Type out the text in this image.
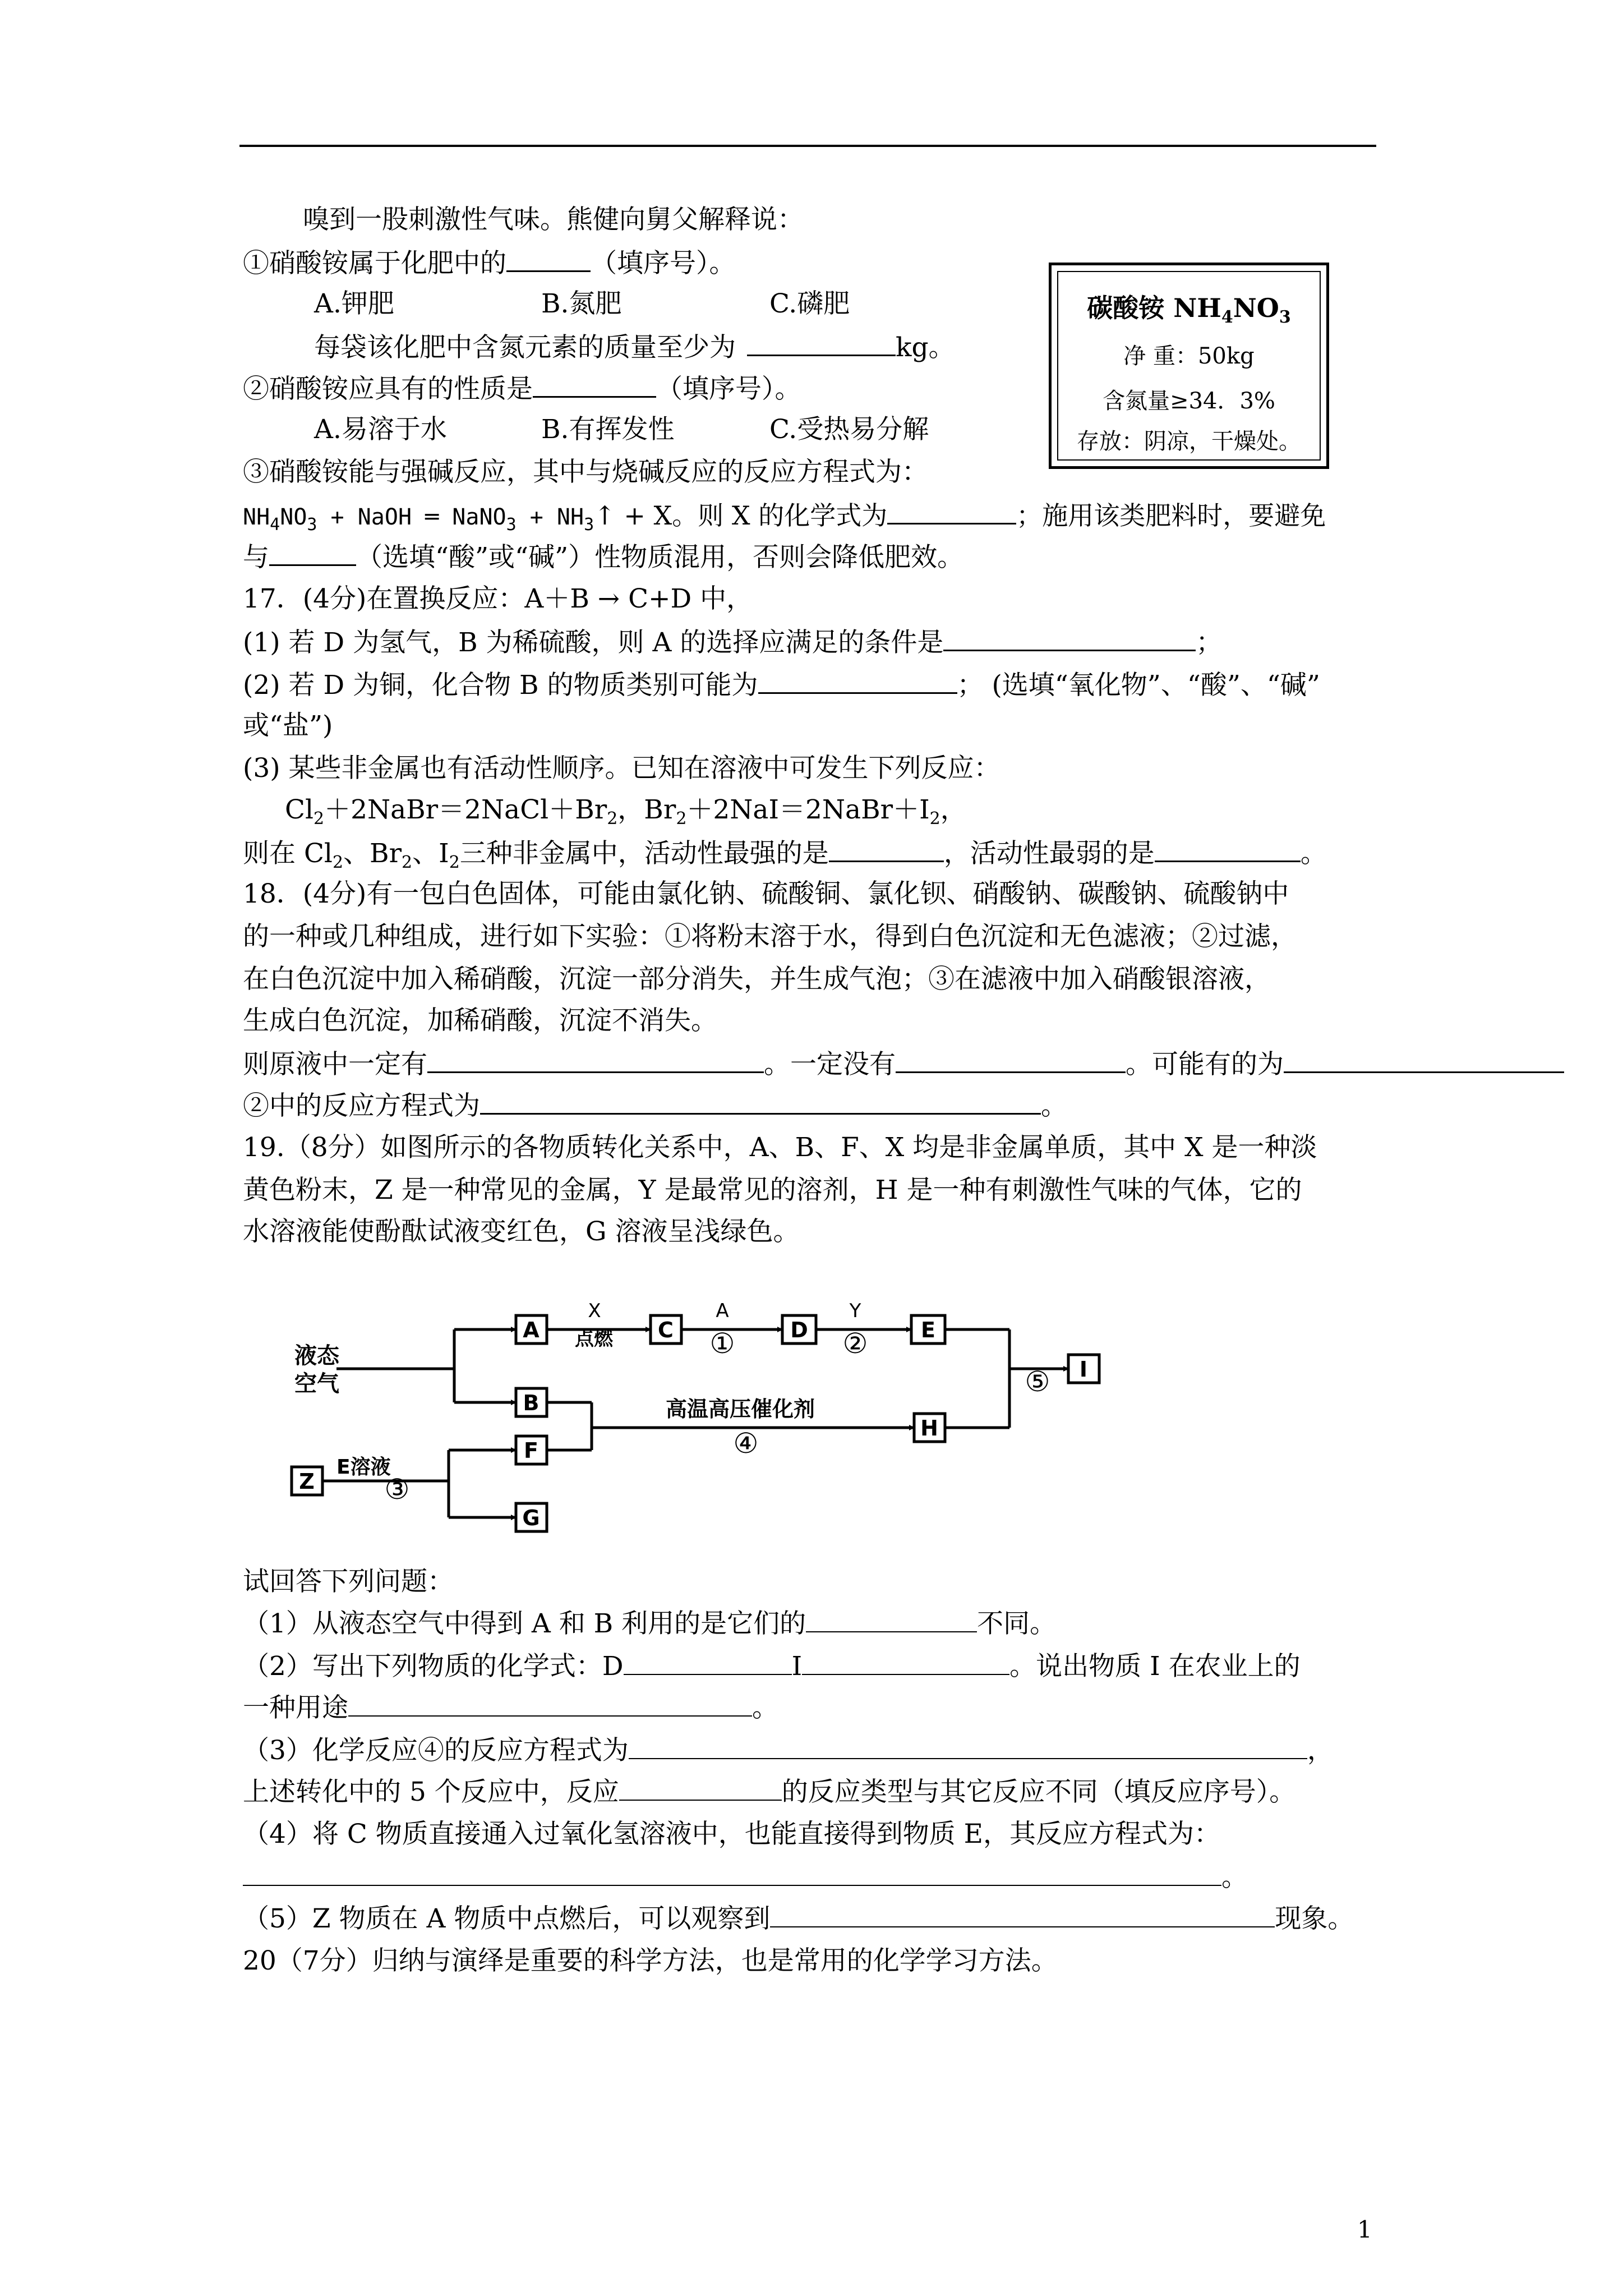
嗅到一股刺激性气味。熊健向舅父解释说：
①硝酸铵属于化肥中的	（填序号）。
A.钾肥	B.氮肥	C.磷肥
每袋该化肥中含氮元素的质量至少为	kg。
②硝酸铵应具有的性质是	（填序号）。
A.易溶于水	B.有挥发性	C.受热易分解
③硝酸铵能与强碱反应，其中与烧碱反应的反应方程式为：
$NH_4NO_3$ + NaOH ═ NaNO$_3$ + $NH_3↑ + X$。则 X 的化学式为	；施用该类肥料时，要避免
与	（选填“酸”或“碱”）性物质混用，否则会降低肥效。
碳酸铵 $NH_4NO_3$
净 重：50kg
含氮量≥34．3%
存放：阴凉，干燥处。
17．(4分)在置换反应：A＋B → C+D 中，
(1) 若 D 为氢气，B 为稀硫酸，则 A 的选择应满足的条件是	；
(2) 若 D 为铜，化合物 B 的物质类别可能为	； (选填“氧化物”、“酸”、“碱”
或“盐”)
(3) 某些非金属也有活动性顺序。已知在溶液中可发生下列反应：
$Cl_2+2NaBr=2NaCl+Br_2$，$Br_2+2NaI=2NaBr+I_2$，
则在 $Cl_2$、$Br_2$、$I_2$三种非金属中，活动性最强的是	，活动性最弱的是	。
18．(4分)有一包白色固体，可能由氯化钠、硫酸铜、氯化钡、硝酸钠、碳酸钠、硫酸钠中
的一种或几种组成，进行如下实验：①将粉末溶于水，得到白色沉淀和无色滤液；②过滤，
在白色沉淀中加入稀硝酸，沉淀一部分消失，并生成气泡；③在滤液中加入硝酸银溶液，
生成白色沉淀，加稀硝酸，沉淀不消失。
则原液中一定有	。一定没有	。可能有的为
②中的反应方程式为	。
19.（8分）如图所示的各物质转化关系中，A、B、F、X 均是非金属单质，其中 X 是一种淡
黄色粉末，Z 是一种常见的金属，Y 是最常见的溶剂，H 是一种有刺激性气味的气体，它的
水溶液能使酚酞试液变红色，G 溶液呈浅绿色。
A	C	D	E
I
B
F
H
Z
G
液态
空气
E溶液
点燃
高温高压催化剂
X	A	Y
①	②
③
④
⑤
试回答下列问题：
（1）从液态空气中得到 A 和 B 利用的是它们的	不同。
（2）写出下列物质的化学式：D	I	。说出物质 I 在农业上的
一种用途	。
（3）化学反应④的反应方程式为	，
上述转化中的 5 个反应中，反应	的反应类型与其它反应不同（填反应序号）。
（4）将 C 物质直接通入过氧化氢溶液中，也能直接得到物质 E，其反应方程式为：
。
（5）Z 物质在 A 物质中点燃后，可以观察到	现象。
20（7分）归纳与演绎是重要的科学方法，也是常用的化学学习方法。
1
